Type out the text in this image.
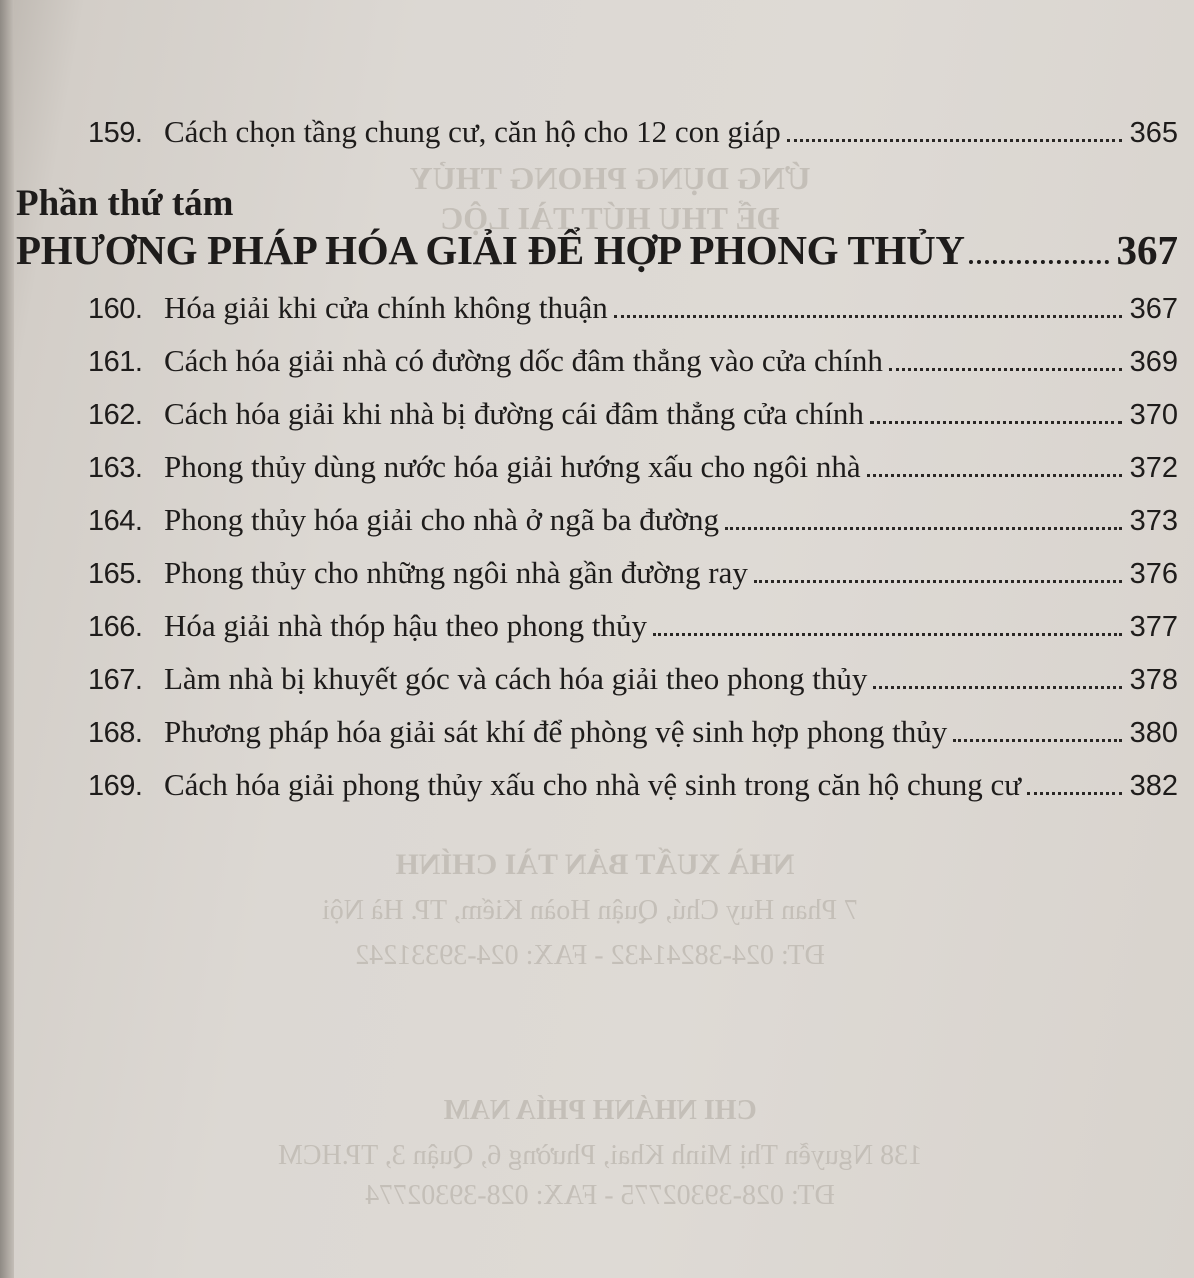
ỨNG DỤNG PHONG THỦY
ĐỂ THU HÚT TÀI LỘC
NHÀ XUẤT BẢN TÀI CHÍNH
7 Phan Huy Chú, Quận Hoàn Kiếm, TP. Hà Nội
ĐT: 024-38241432 - FAX: 024-39331242
CHI NHÁNH PHÍA NAM
138 Nguyễn Thị Minh Khai, Phường 6, Quận 3, TP.HCM
ĐT: 028-39302775 - FAX: 028-39302774
159. Cách chọn tầng chung cư, căn hộ cho 12 con giáp	365
Phần thứ tám
PHƯƠNG PHÁP HÓA GIẢI ĐỂ HỢP PHONG THỦY	367
160. Hóa giải khi cửa chính không thuận	367
161. Cách hóa giải nhà có đường dốc đâm thẳng vào cửa chính	369
162. Cách hóa giải khi nhà bị đường cái đâm thẳng cửa chính	370
163. Phong thủy dùng nước hóa giải hướng xấu cho ngôi nhà	372
164. Phong thủy hóa giải cho nhà ở ngã ba đường	373
165. Phong thủy cho những ngôi nhà gần đường ray	376
166. Hóa giải nhà thóp hậu theo phong thủy	377
167. Làm nhà bị khuyết góc và cách hóa giải theo phong thủy	378
168. Phương pháp hóa giải sát khí để phòng vệ sinh hợp phong thủy	380
169. Cách hóa giải phong thủy xấu cho nhà vệ sinh trong căn hộ chung cư	382
